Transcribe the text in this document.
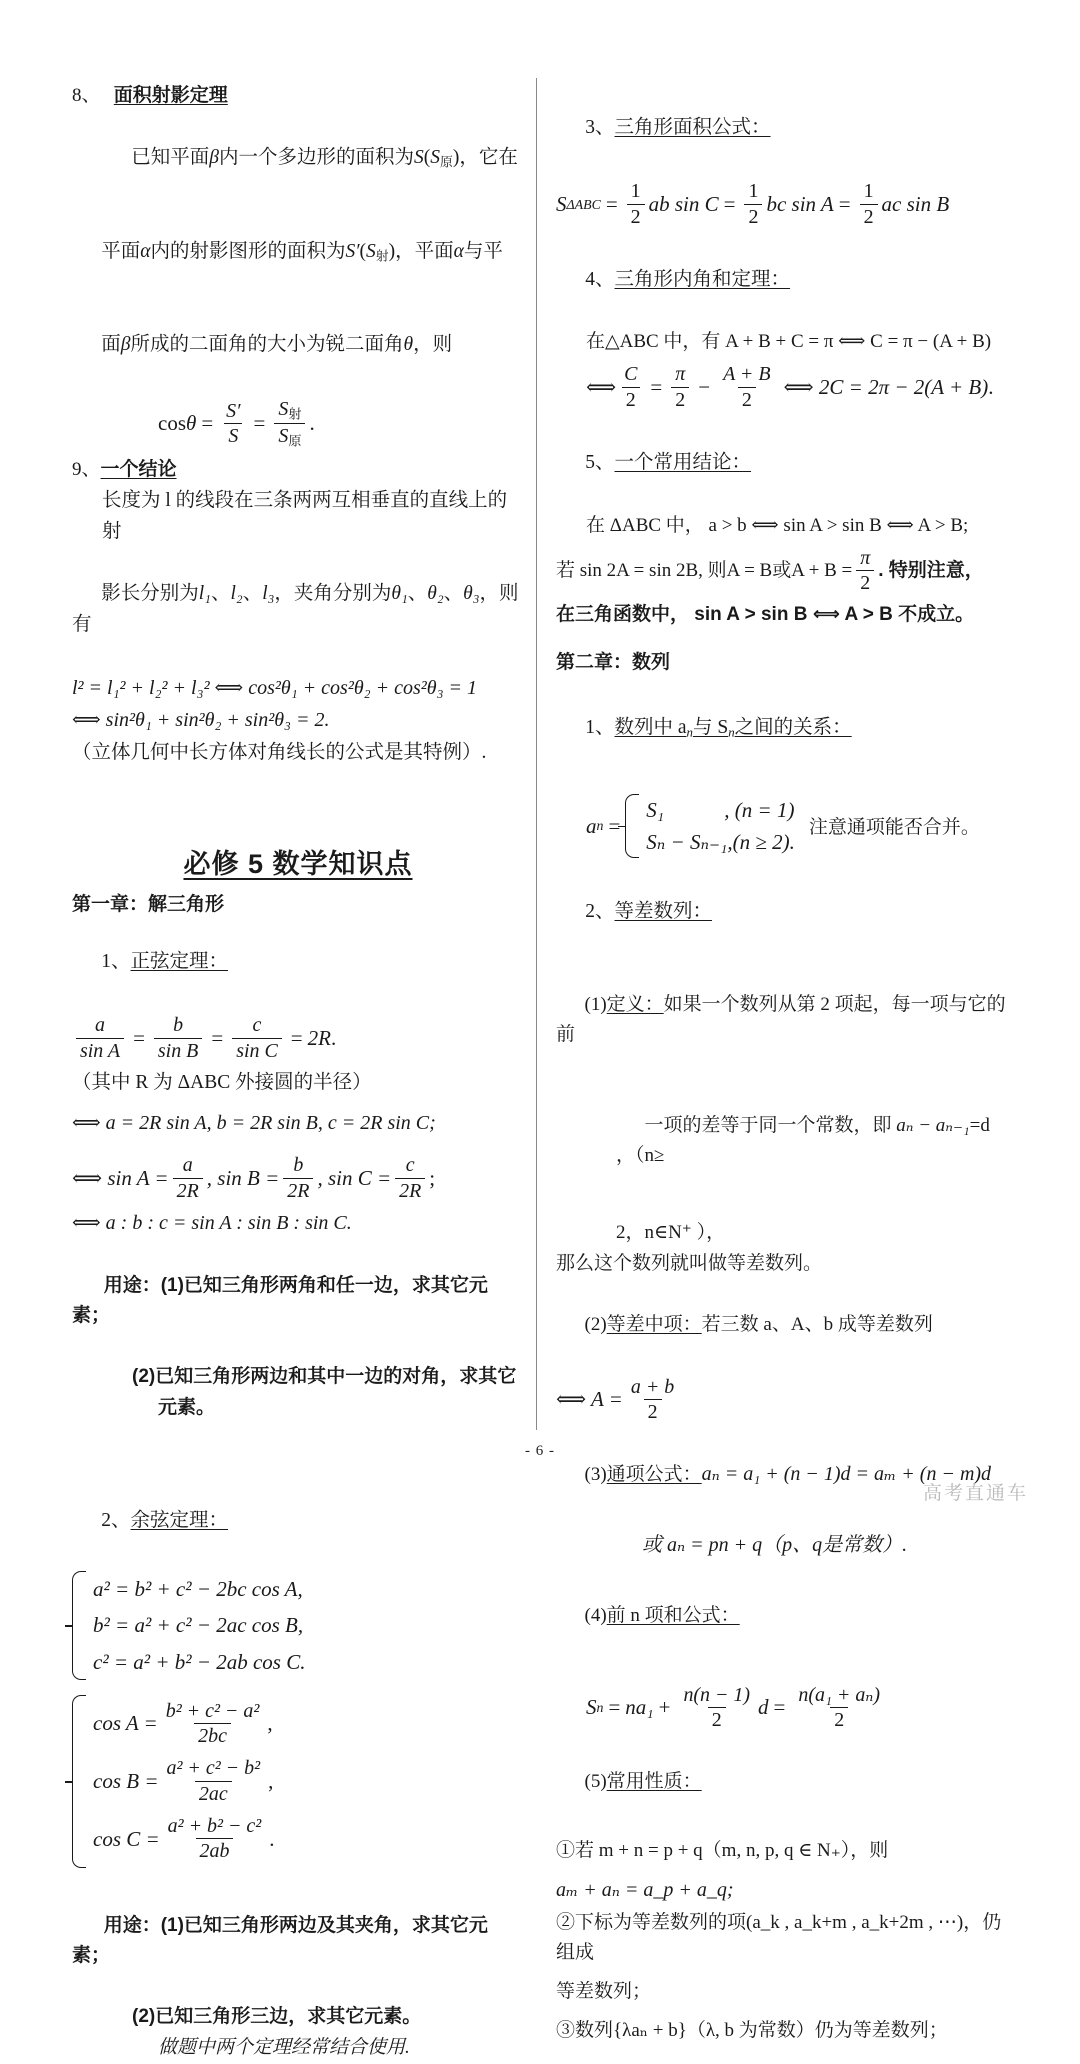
8、 面积射影定理

已知平面β内一个多边形的面积为$S(S_原)$，它在

平面α内的射影图形的面积为$S'(S_射)$，平面α与平

面β所成的二面角的大小为锐二面角θ，则

$\cos \theta = \frac{S'}{S} = \frac{S_射}{S_原}$ .
9、一个结论
长度为 l 的线段在三条两两互相垂直的直线上的射

影长分别为l₁、l₂、l₃，夹角分别为θ₁、θ₂、θ₃，则有

l² = l₁² + l₂² + l₃² ⟺ cos²θ₁ + cos²θ₂ + cos²θ₃ = 1
⟺ sin²θ₁ + sin²θ₂ + sin²θ₃ = 2.
（立体几何中长方体对角线长的公式是其特例）.
必修 5 数学知识点
第一章：解三角形

1、正弦定理：

$\frac{a}{\text{sin A}} = \frac{b}{\text{sin B}} = \frac{c}{\text{sin C}} = 2R$ .
（其中 R 为 ΔABC 外接圆的半径）
⟺ a = 2R sin A, b = 2R sin B, c = 2R sin C;
⟺ $\sin A = \frac{a}{2R}$ , $\sin B = \frac{b}{2R}$ , $\sin C = \frac{c}{2R}$ ;
⟺ a : b : c = sin A : sin B : sin C.

用途：(1)已知三角形两角和任一边，求其它元素；

(2)已知三角形两边和其中一边的对角，求其它
元素。

2、余弦定理：

a² = b² + c² − 2bc cos A,
b² = a² + c² − 2ac cos B,
c² = a² + b² − 2ab cos C.
$\cos A = \frac{\text{b² + c² − a²}}{2bc}$ ,
$\cos B = \frac{\text{a² + c² − b²}}{2ac}$ ,
$\cos C = \frac{\text{a² + b² − c²}}{2ab}$ .

用途：(1)已知三角形两边及其夹角，求其它元素；

(2)已知三角形三边，求其它元素。
做题中两个定理经常结合使用.

3、三角形面积公式：

S $\Delta ABC = \frac{1}{2}$ ab $\sin C = \frac{1}{2}$ bc $\sin A = \frac{1}{2}$ ac sin B

4、三角形内角和定理：

在△ABC 中，有 A + B + C = π ⟺ C = π − (A + B)
⟺ $\frac{C}{2} = \frac{\pi}{2} - \frac{A + B}{2}$ ⟺ 2C = 2π − 2(A + B) .

5、一个常用结论：

在 ΔABC 中， a > b ⟺ sin A > sin B ⟺ A > B;
若 sin 2A = sin 2B, 则A = B或$A + B = \frac{\pi}{2}$ . 特别注意，
在三角函数中， sin A > sin B ⟺ A > B 不成立。
第二章：数列

1、数列中 $a_n$与 $S_n$之间的关系：

a n =
S₁	, (n = 1)
Sₙ − Sₙ₋₁ ,(n ≥ 2).
注意通项能否合并。

2、等差数列：

(1)定义：如果一个数列从第 2 项起，每一项与它的前

一项的差等于同一个常数，即 aₙ − aₙ₋₁=d ，（n≥

2，n∈N⁺ ），
那么这个数列就叫做等差数列。

(2)等差中项：若三数 a、A、b 成等差数列

⟺ $A = \frac{a + b}{2}$

(3)通项公式：aₙ = a₁ + (n − 1)d = aₘ + (n − m)d

或 aₙ = pn + q（p、q是常数）.

(4)前 n 项和公式：

S $n = na_1 + \frac{n(n - 1)}{2}$ $d = \frac{\text{n(a₁ + aₙ)}}{2}$

(5)常用性质：

①若 m + n = p + q（m, n, p, q ∈ N₊），则
aₘ + aₙ = a_p + a_q;
②下标为等差数列的项(a_k , a_k+m , a_k+2m , ⋯)，仍组成
等差数列；
③数列{λaₙ + b}（λ, b 为常数）仍为等差数列；
- 6 -
高考直通车
